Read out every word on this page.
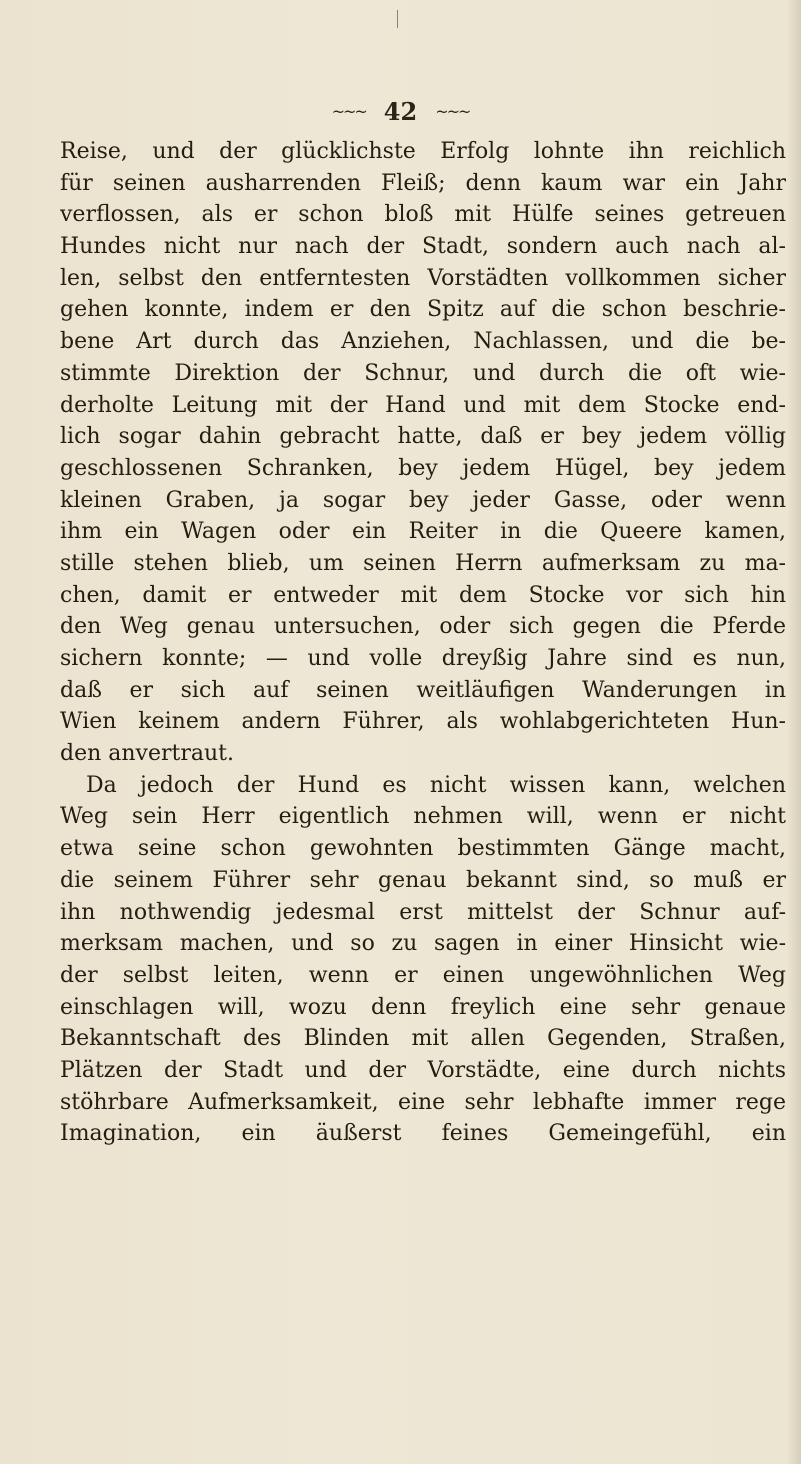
~~~ 42 ~~~
Reise, und der glücklichste Erfolg lohnte ihn reichlich
für seinen ausharrenden Fleiß; denn kaum war ein Jahr
verflossen, als er schon bloß mit Hülfe seines getreuen
Hundes nicht nur nach der Stadt, sondern auch nach al-
len, selbst den entferntesten Vorstädten vollkommen sicher
gehen konnte, indem er den Spitz auf die schon beschrie-
bene Art durch das Anziehen, Nachlassen, und die be-
stimmte Direktion der Schnur, und durch die oft wie-
derholte Leitung mit der Hand und mit dem Stocke end-
lich sogar dahin gebracht hatte, daß er bey jedem völlig
geschlossenen Schranken, bey jedem Hügel, bey jedem
kleinen Graben, ja sogar bey jeder Gasse, oder wenn
ihm ein Wagen oder ein Reiter in die Queere kamen,
stille stehen blieb, um seinen Herrn aufmerksam zu ma-
chen, damit er entweder mit dem Stocke vor sich hin
den Weg genau untersuchen, oder sich gegen die Pferde
sichern konnte; — und volle dreyßig Jahre sind es nun,
daß er sich auf seinen weitläufigen Wanderungen in
Wien keinem andern Führer, als wohlabgerichteten Hun-
den anvertraut.
Da jedoch der Hund es nicht wissen kann, welchen
Weg sein Herr eigentlich nehmen will, wenn er nicht
etwa seine schon gewohnten bestimmten Gänge macht,
die seinem Führer sehr genau bekannt sind, so muß er
ihn nothwendig jedesmal erst mittelst der Schnur auf-
merksam machen, und so zu sagen in einer Hinsicht wie-
der selbst leiten, wenn er einen ungewöhnlichen Weg
einschlagen will, wozu denn freylich eine sehr genaue
Bekanntschaft des Blinden mit allen Gegenden, Straßen,
Plätzen der Stadt und der Vorstädte, eine durch nichts
stöhrbare Aufmerksamkeit, eine sehr lebhafte immer rege
Imagination, ein äußerst feines Gemeingefühl, ein
